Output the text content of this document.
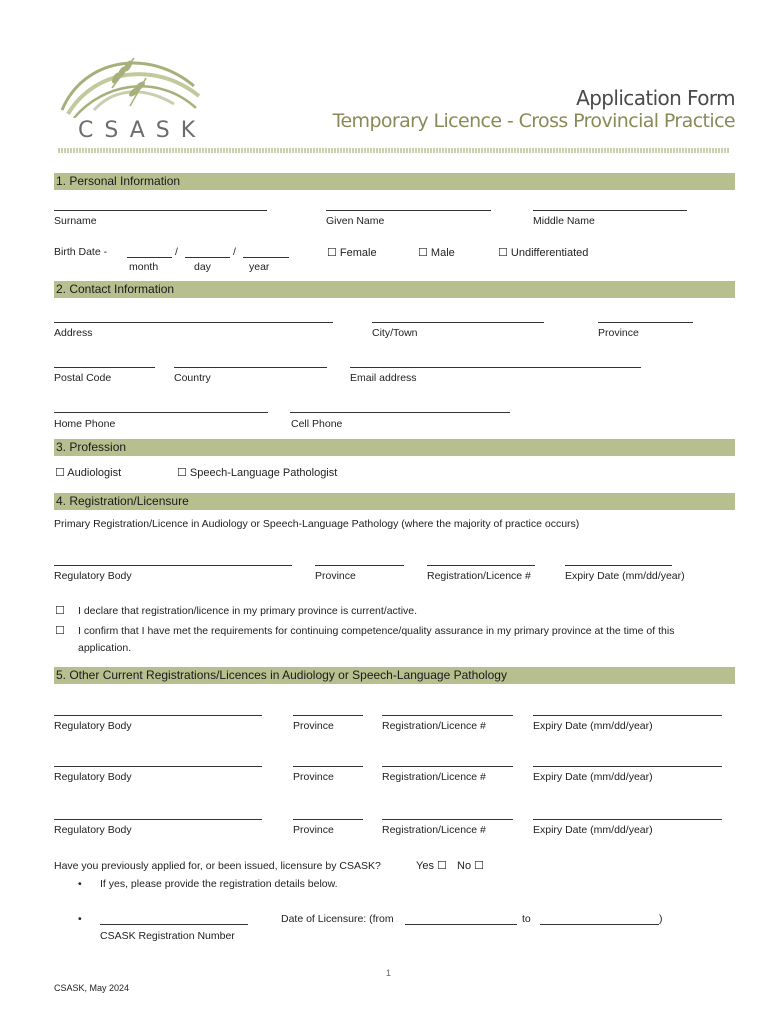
CSASK
Application Form
Temporary Licence - Cross Provincial Practice
1. Personal Information
Surname	Given Name	Middle Name
Birth Date -	/	/
month	day	year
☐ Female	☐ Male	☐ Undifferentiated
2. Contact Information
Address	City/Town	Province
Postal Code	Country	Email address
Home Phone	Cell Phone
3. Profession
☐ Audiologist	☐ Speech-Language Pathologist
4. Registration/Licensure
Primary Registration/Licence in Audiology or Speech-Language Pathology (where the majority of practice occurs)
Regulatory Body	Province	Registration/Licence #	Expiry Date (mm/dd/year)
☐ I declare that registration/licence in my primary province is current/active.
☐ I confirm that I have met the requirements for continuing competence/quality assurance in my primary province at the time of this
application.
5. Other Current Registrations/Licences in Audiology or Speech-Language Pathology
Regulatory Body	Province	Registration/Licence #	Expiry Date (mm/dd/year)
Regulatory Body	Province	Registration/Licence #	Expiry Date (mm/dd/year)
Regulatory Body	Province	Registration/Licence #	Expiry Date (mm/dd/year)
Have you previously applied for, or been issued, licensure by CSASK?	Yes ☐ No ☐
• If yes, please provide the registration details below.
•
CSASK Registration Number
Date of Licensure: (from	to	)
1
CSASK, May 2024
